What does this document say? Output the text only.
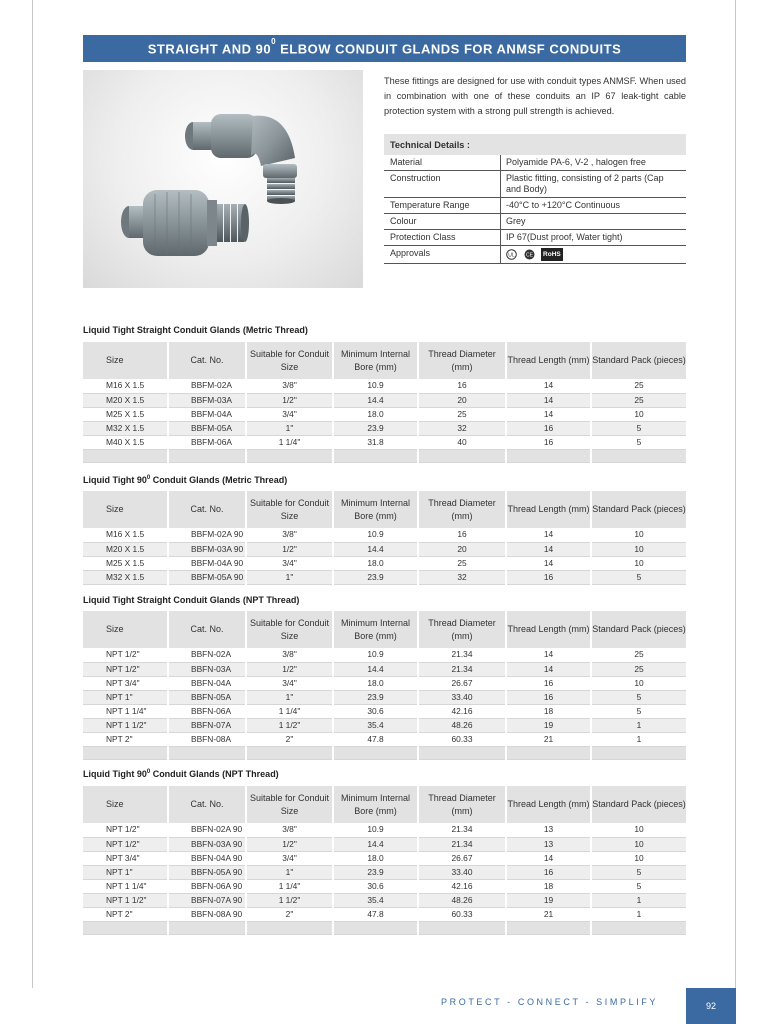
STRAIGHT AND $90^0$ ELBOW CONDUIT GLANDS FOR ANMSF CONDUITS

These fittings are designed for use with conduit types ANMSF. When used in combination with one of these conduits an IP 67 leak-tight cable protection system with a strong pull strength is achieved.

Technical Details :
Material	Polyamide PA-6, V-2 , halogen free
Construction	Plastic fitting, consisting of 2 parts (Cap and Body)
Temperature Range	-40°C to +120°C Continuous
Colour	Grey
Protection Class	IP 67(Dust proof, Water tight)
Approvals	UL
CE RoHS
Liquid Tight Straight Conduit Glands (Metric Thread)
Size	Cat. No.	Suitable for Conduit Size	Minimum Internal Bore (mm)	Thread Diameter (mm)	Thread Length (mm)	Standard Pack (pieces)
M16 X 1.5	BBFM-02A	3/8"	10.9	16	14	25
M20 X 1.5	BBFM-03A	1/2"	14.4	20	14	25
M25 X 1.5	BBFM-04A	3/4"	18.0	25	14	10
M32 X 1.5	BBFM-05A	1"	23.9	32	16	5
M40 X 1.5	BBFM-06A	1 1/4"	31.8	40	16	5

Liquid Tight $90^0$ Conduit Glands (Metric Thread)
Size	Cat. No.	Suitable for Conduit Size	Minimum Internal Bore (mm)	Thread Diameter (mm)	Thread Length (mm)	Standard Pack (pieces)
M16 X 1.5	BBFM-02A 90	3/8"	10.9	16	14	10
M20 X 1.5	BBFM-03A 90	1/2"	14.4	20	14	10
M25 X 1.5	BBFM-04A 90	3/4"	18.0	25	14	10
M32 X 1.5	BBFM-05A 90	1"	23.9	32	16	5
Liquid Tight Straight Conduit Glands (NPT Thread)
Size	Cat. No.	Suitable for Conduit Size	Minimum Internal Bore (mm)	Thread Diameter (mm)	Thread Length (mm)	Standard Pack (pieces)
NPT 1/2"	BBFN-02A	3/8"	10.9	21.34	14	25
NPT 1/2"	BBFN-03A	1/2"	14.4	21.34	14	25
NPT 3/4"	BBFN-04A	3/4"	18.0	26.67	16	10
NPT 1"	BBFN-05A	1"	23.9	33.40	16	5
NPT 1 1/4"	BBFN-06A	1 1/4"	30.6	42.16	18	5
NPT 1 1/2"	BBFN-07A	1 1/2"	35.4	48.26	19	1
NPT 2"	BBFN-08A	2"	47.8	60.33	21	1

Liquid Tight $90^0$ Conduit Glands (NPT Thread)
Size	Cat. No.	Suitable for Conduit Size	Minimum Internal Bore (mm)	Thread Diameter (mm)	Thread Length (mm)	Standard Pack (pieces)
NPT 1/2"	BBFN-02A 90	3/8"	10.9	21.34	13	10
NPT 1/2"	BBFN-03A 90	1/2"	14.4	21.34	13	10
NPT 3/4"	BBFN-04A 90	3/4"	18.0	26.67	14	10
NPT 1"	BBFN-05A 90	1"	23.9	33.40	16	5
NPT 1 1/4"	BBFN-06A 90	1 1/4"	30.6	42.16	18	5
NPT 1 1/2"	BBFN-07A 90	1 1/2"	35.4	48.26	19	1
NPT 2"	BBFN-08A 90	2"	47.8	60.33	21	1

PROTECT - CONNECT - SIMPLIFY	92
